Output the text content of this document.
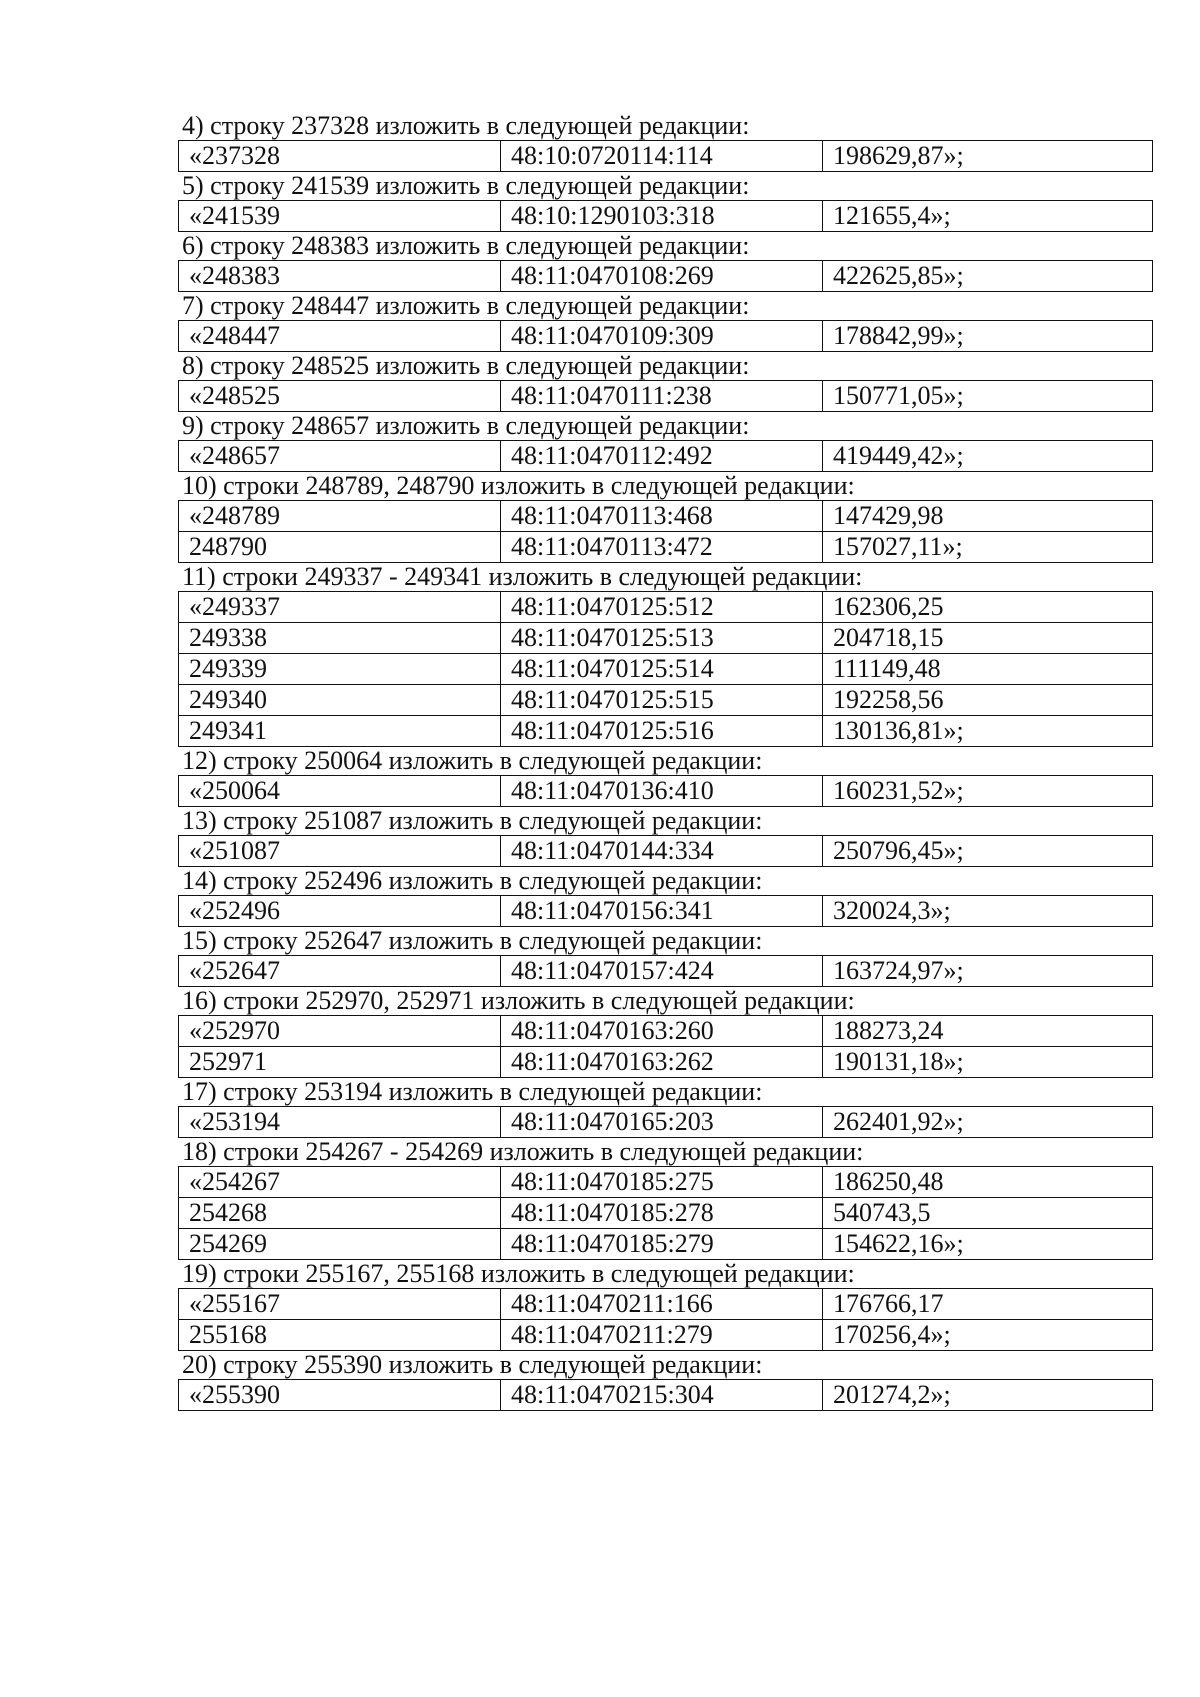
4) строку 237328 изложить в следующей редакции:
«237328	48:10:0720114:114	198629,87»;
5) строку 241539 изложить в следующей редакции:
«241539	48:10:1290103:318	121655,4»;
6) строку 248383 изложить в следующей редакции:
«248383	48:11:0470108:269	422625,85»;
7) строку 248447 изложить в следующей редакции:
«248447	48:11:0470109:309	178842,99»;
8) строку 248525 изложить в следующей редакции:
«248525	48:11:0470111:238	150771,05»;
9) строку 248657 изложить в следующей редакции:
«248657	48:11:0470112:492	419449,42»;
10) строки 248789, 248790 изложить в следующей редакции:
«248789	48:11:0470113:468	147429,98
248790	48:11:0470113:472	157027,11»;
11) строки 249337 - 249341 изложить в следующей редакции:
«249337	48:11:0470125:512	162306,25
249338	48:11:0470125:513	204718,15
249339	48:11:0470125:514	111149,48
249340	48:11:0470125:515	192258,56
249341	48:11:0470125:516	130136,81»;
12) строку 250064 изложить в следующей редакции:
«250064	48:11:0470136:410	160231,52»;
13) строку 251087 изложить в следующей редакции:
«251087	48:11:0470144:334	250796,45»;
14) строку 252496 изложить в следующей редакции:
«252496	48:11:0470156:341	320024,3»;
15) строку 252647 изложить в следующей редакции:
«252647	48:11:0470157:424	163724,97»;
16) строки 252970, 252971 изложить в следующей редакции:
«252970	48:11:0470163:260	188273,24
252971	48:11:0470163:262	190131,18»;
17) строку 253194 изложить в следующей редакции:
«253194	48:11:0470165:203	262401,92»;
18) строки 254267 - 254269 изложить в следующей редакции:
«254267	48:11:0470185:275	186250,48
254268	48:11:0470185:278	540743,5
254269	48:11:0470185:279	154622,16»;
19) строки 255167, 255168 изложить в следующей редакции:
«255167	48:11:0470211:166	176766,17
255168	48:11:0470211:279	170256,4»;
20) строку 255390 изложить в следующей редакции:
«255390	48:11:0470215:304	201274,2»;
